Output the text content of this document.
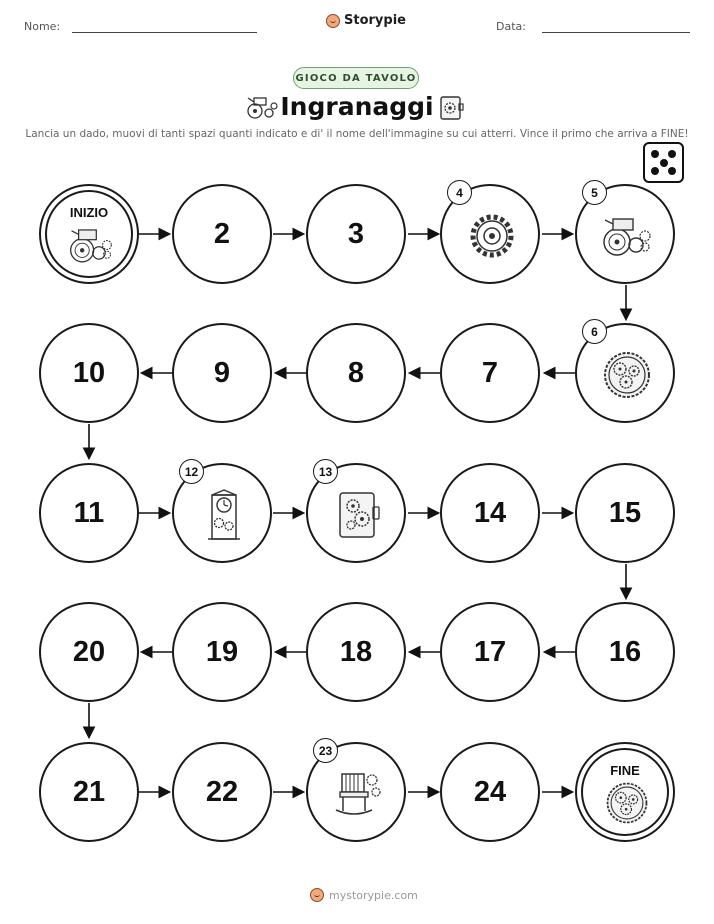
Nome:	Storypie	Data:
GIOCO DA TAVOLO
Ingranaggi
Lancia un dado, muovi di tanti spazi quanti indicato e di' il nome dell'immagine su cui atterri. Vince il primo che arriva a FINE!
INIZIO
2	3
4	5
10	9	8	7
6
11
12	13
14	15
20	19	18	17	16
21	22
23
24
FINE
mystorypie.com
